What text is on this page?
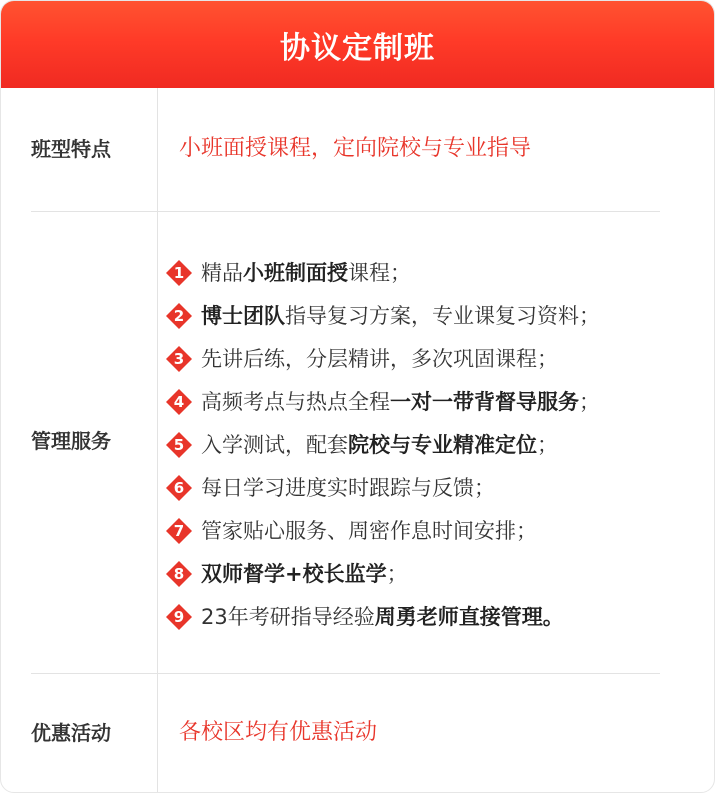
协议定制班
班型特点	小班面授课程，定向院校与专业指导
管理服务
1 精品小班制面授课程；
2 博士团队指导复习方案，专业课复习资料；
3 先讲后练，分层精讲，多次巩固课程；
4 高频考点与热点全程一对一带背督导服务；
5 入学测试，配套院校与专业精准定位；
6 每日学习进度实时跟踪与反馈；
7 管家贴心服务、周密作息时间安排；
8 双师督学+校长监学；
9 23年考研指导经验周勇老师直接管理。
优惠活动	各校区均有优惠活动
